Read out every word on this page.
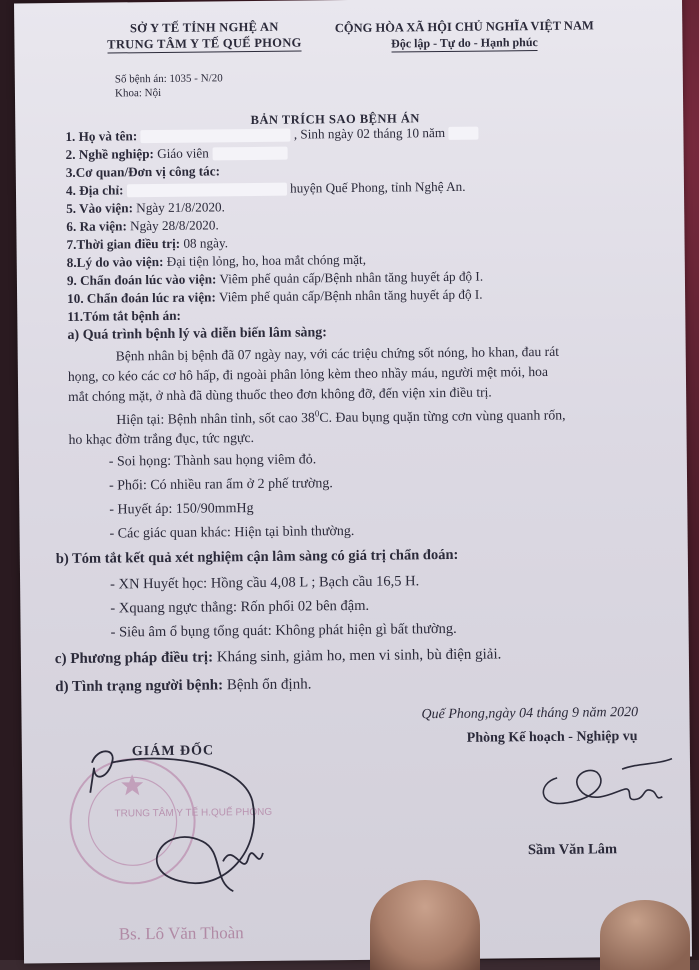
SỞ Y TẾ TỈNH NGHỆ AN
TRUNG TÂM Y TẾ QUẾ PHONG
CỘNG HÒA XÃ HỘI CHỦ NGHĨA VIỆT NAM
Độc lập - Tự do - Hạnh phúc
Số bệnh án: 1035 - N/20
Khoa: Nội
BẢN TRÍCH SAO BỆNH ÁN
1. Họ và tên:	, Sinh ngày 02 tháng 10 năm
2. Nghề nghiệp: Giáo viên
3.Cơ quan/Đơn vị công tác:
4. Địa chỉ:	huyện Quế Phong, tỉnh Nghệ An.
5. Vào viện: Ngày 21/8/2020.
6. Ra viện: Ngày 28/8/2020.
7.Thời gian điều trị: 08 ngày.
8.Lý do vào viện: Đại tiện lỏng, ho, hoa mắt chóng mặt,
9. Chẩn đoán lúc vào viện: Viêm phế quản cấp/Bệnh nhân tăng huyết áp độ I.
10. Chẩn đoán lúc ra viện: Viêm phế quản cấp/Bệnh nhân tăng huyết áp độ I.
11.Tóm tắt bệnh án:
a) Quá trình bệnh lý và diễn biến lâm sàng:
Bệnh nhân bị bệnh đã 07 ngày nay, với các triệu chứng sốt nóng, ho khan, đau rát
họng, co kéo các cơ hô hấp, đi ngoài phân lỏng kèm theo nhầy máu, người mệt mỏi, hoa
mắt chóng mặt, ở nhà đã dùng thuốc theo đơn không đỡ, đến viện xin điều trị.
Hiện tại: Bệnh nhân tỉnh, sốt cao $38^0C$. Đau bụng quặn từng cơn vùng quanh rốn,
ho khạc đờm trắng đục, tức ngực.
- Soi họng: Thành sau họng viêm đỏ.
- Phổi: Có nhiều ran ẩm ở 2 phế trường.
- Huyết áp: 150/90mmHg
- Các giác quan khác: Hiện tại bình thường.
b) Tóm tắt kết quả xét nghiệm cận lâm sàng có giá trị chẩn đoán:
- XN Huyết học: Hồng cầu 4,08 L ; Bạch cầu 16,5 H.
- Xquang ngực thẳng: Rốn phổi 02 bên đậm.
- Siêu âm ổ bụng tổng quát: Không phát hiện gì bất thường.
c) Phương pháp điều trị: Kháng sinh, giảm ho, men vi sinh, bù điện giải.
d) Tình trạng người bệnh: Bệnh ổn định.
Quế Phong,ngày 04 tháng 9 năm 2020
Phòng Kế hoạch - Nghiệp vụ
Sầm Văn Lâm
TRUNG TÂM Y TẾ H.QUẾ PHONG
GIÁM ĐỐC
Bs. Lô Văn Thoàn
